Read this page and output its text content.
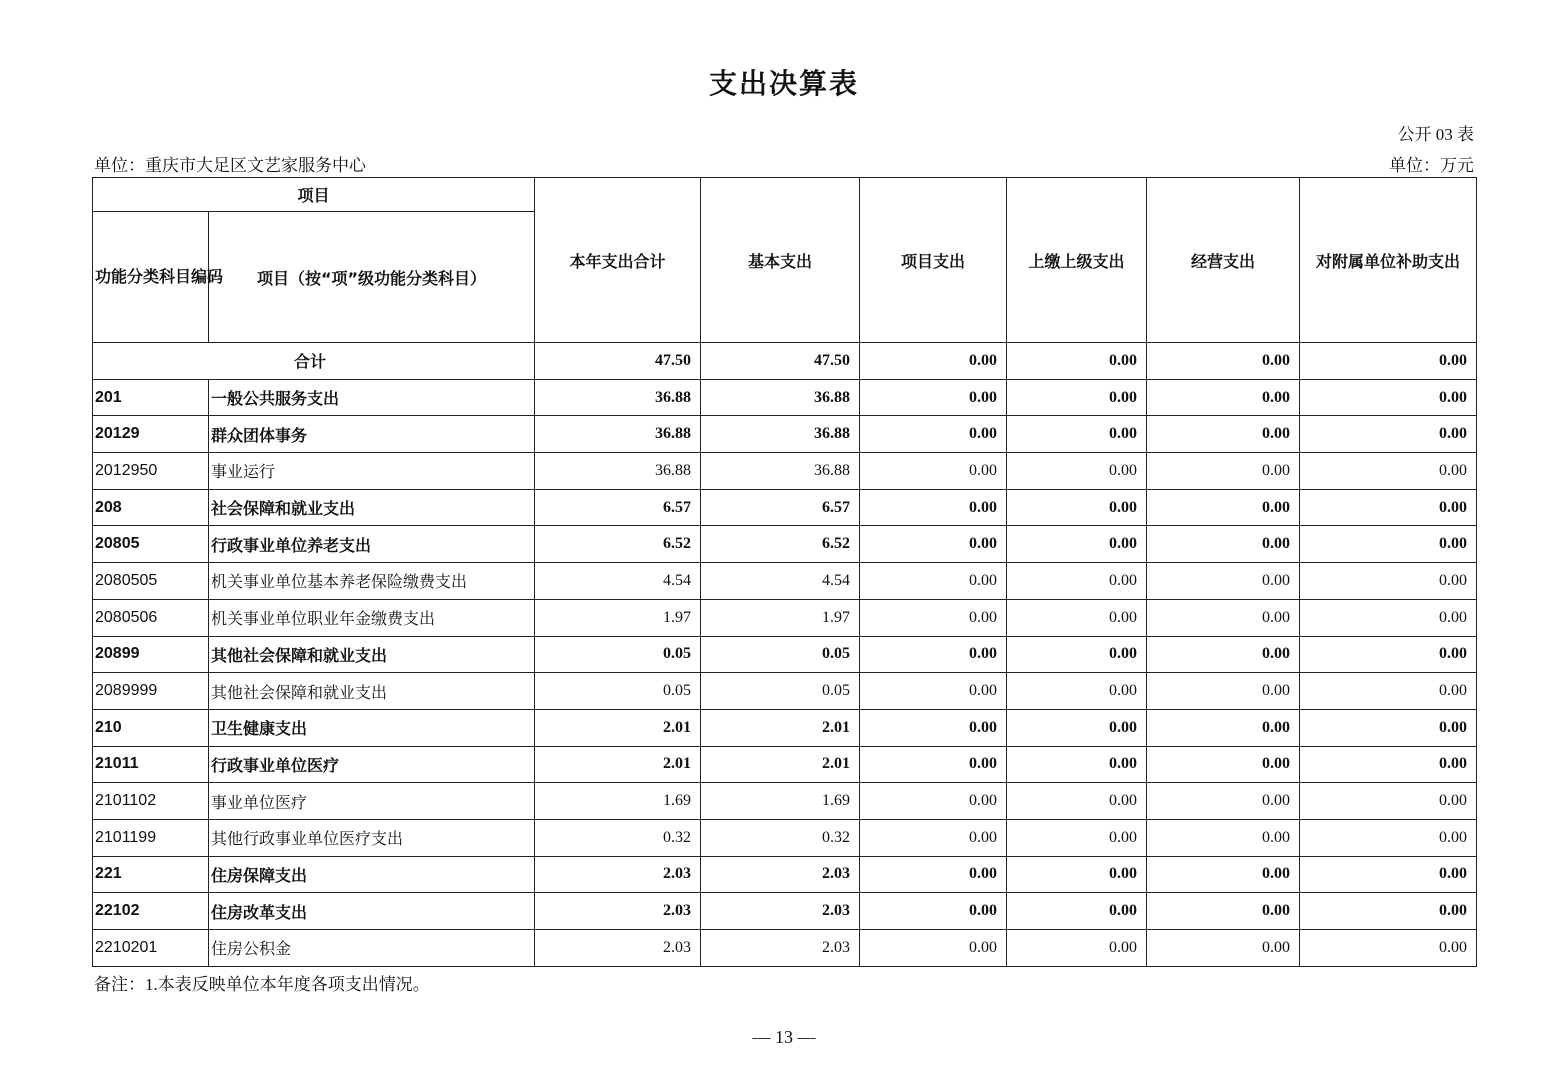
支出决算表
公开 03 表
单位：重庆市大足区文艺家服务中心	单位：万元
项目		本年支出合计	基本支出	项目支出	上缴上级支出	经营支出	对附属单位补助支出
功能分类科目编码	项目（按“项”级功能分类科目）						
合计		47.50	47.50	0.00	0.00	0.00	0.00
201	一般公共服务支出	36.88	36.88	0.00	0.00	0.00	0.00
20129	群众团体事务	36.88	36.88	0.00	0.00	0.00	0.00
2012950	事业运行	36.88	36.88	0.00	0.00	0.00	0.00
208	社会保障和就业支出	6.57	6.57	0.00	0.00	0.00	0.00
20805	行政事业单位养老支出	6.52	6.52	0.00	0.00	0.00	0.00
2080505	机关事业单位基本养老保险缴费支出	4.54	4.54	0.00	0.00	0.00	0.00
2080506	机关事业单位职业年金缴费支出	1.97	1.97	0.00	0.00	0.00	0.00
20899	其他社会保障和就业支出	0.05	0.05	0.00	0.00	0.00	0.00
2089999	其他社会保障和就业支出	0.05	0.05	0.00	0.00	0.00	0.00
210	卫生健康支出	2.01	2.01	0.00	0.00	0.00	0.00
21011	行政事业单位医疗	2.01	2.01	0.00	0.00	0.00	0.00
2101102	事业单位医疗	1.69	1.69	0.00	0.00	0.00	0.00
2101199	其他行政事业单位医疗支出	0.32	0.32	0.00	0.00	0.00	0.00
221	住房保障支出	2.03	2.03	0.00	0.00	0.00	0.00
22102	住房改革支出	2.03	2.03	0.00	0.00	0.00	0.00
2210201	住房公积金	2.03	2.03	0.00	0.00	0.00	0.00
备注：1.本表反映单位本年度各项支出情况。
— 13 —
